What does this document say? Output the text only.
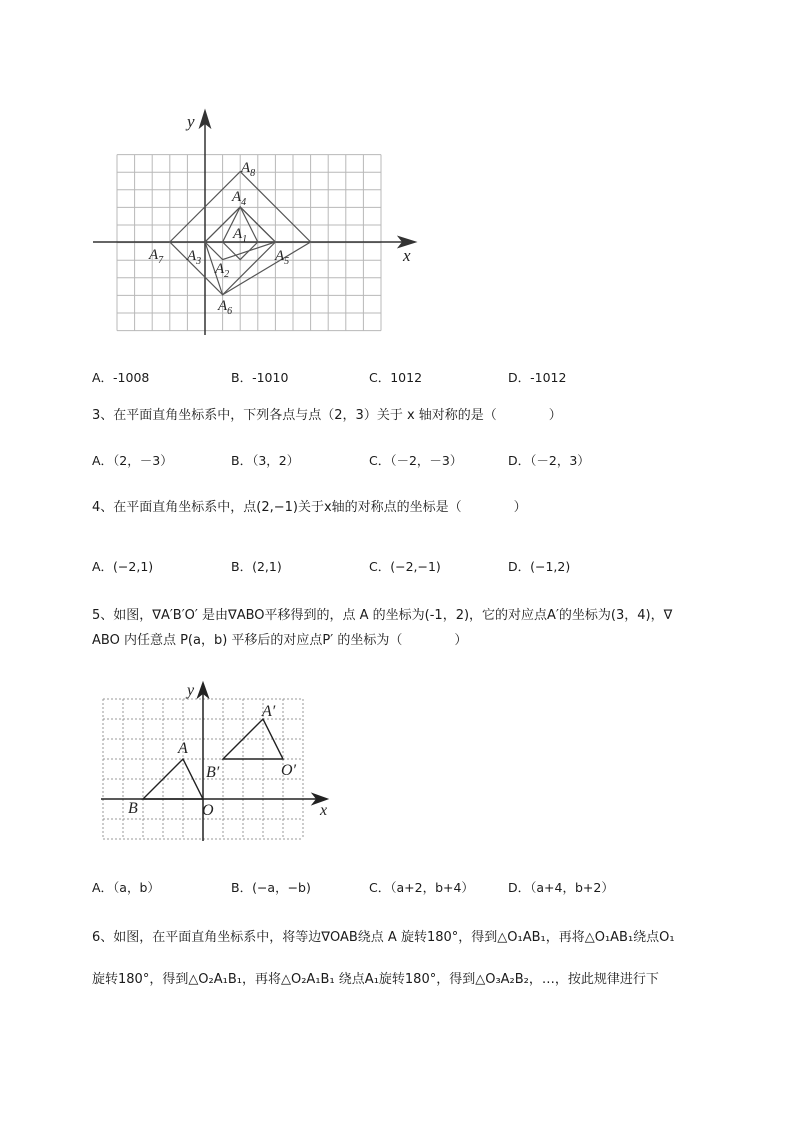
x
y
$A_1$
$A_2$
$A_3$
$A_4$
$A_5$
$A_6$
$A_7$
$A_8$
A．-1008	B．-1010	C．1012	D．-1012
3、在平面直角坐标系中，下列各点与点（2，3）关于 x 轴对称的是（　　　　）
A．（2，－3）	B．（3，2）	C．（－2，－3）	D．（－2，3）
4、在平面直角坐标系中，点(2,−1)关于x轴的对称点的坐标是（　　　　）
A．(−2,1)	B．(2,1)	C．(−2,−1)	D．(−1,2)
5、如图，∇A′B′O′ 是由∇ABO平移得到的，点 A 的坐标为(-1，2)，它的对应点A′的坐标为(3，4)，∇
ABO 内任意点 P(a，b) 平移后的对应点P′ 的坐标为（　　　　）
x
y
A
B	O
A′
B′	O′
A．（a，b）	B．(−a，−b)	C．（a+2，b+4）	D．（a+4，b+2）
6、如图，在平面直角坐标系中，将等边∇OAB绕点 A 旋转180°，得到△O₁AB₁，再将△O₁AB₁绕点O₁
旋转180°，得到△O₂A₁B₁，再将△O₂A₁B₁ 绕点A₁旋转180°，得到△O₃A₂B₂，…，按此规律进行下
